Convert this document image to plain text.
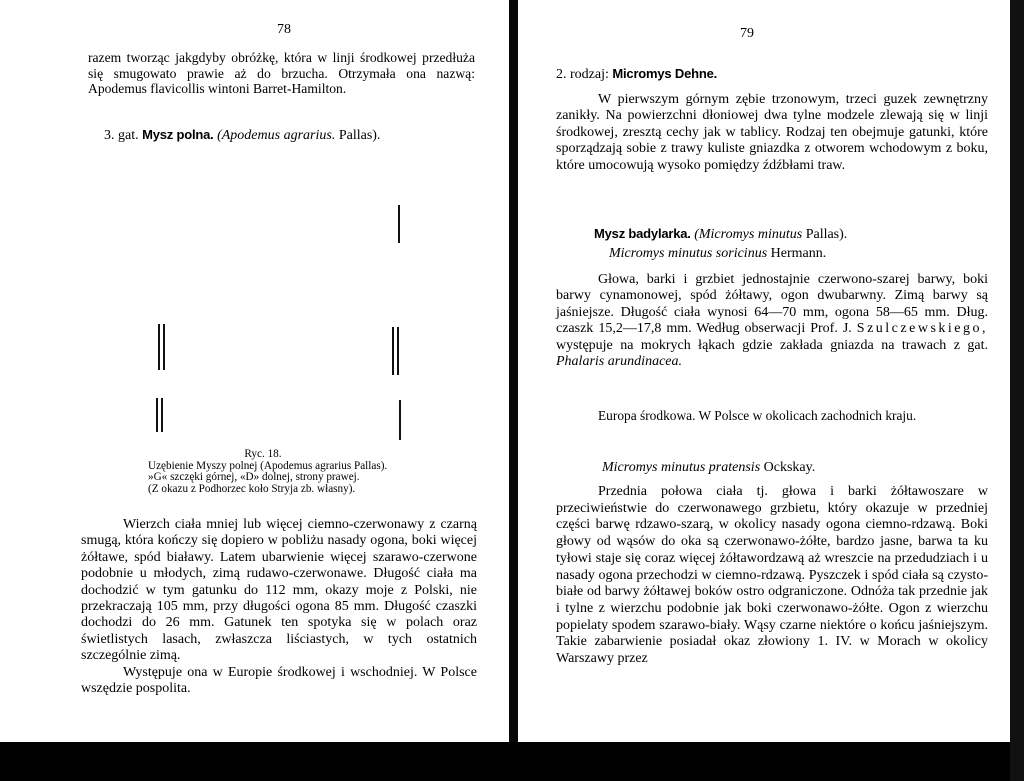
78

razem tworząc jakgdyby obróżkę, która w linji środkowej przedłuża się smugowato prawie aż do brzucha. Otrzymała ona nazwą: Apodemus flavicollis wintoni Barret-Hamilton.

3. gat. Mysz polna. (Apodemus agrarius. Pallas).
Ryc. 18.
Uzębienie Myszy polnej (Apodemus agrarius Pallas).
»G« szczęki górnej, «D» dolnej, strony prawej.
(Z okazu z Podhorzec koło Stryja zb. własny).
Wierzch ciała mniej lub więcej ciemno-czerwonawy z czarną smugą, która kończy się dopiero w pobliżu nasady ogona, boki więcej żółtawe, spód białawy. Latem ubarwienie więcej szarawo-czerwone podobnie u młodych, zimą rudawo-czerwonawe. Długość ciała ma dochodzić w tym gatunku do 112 mm, okazy moje z Polski, nie przekraczają 105 mm, przy długości ogona 85 mm. Długość czaszki dochodzi do 26 mm. Gatunek ten spotyka się w polach oraz świetlistych lasach, zwłaszcza liściastych, w tych ostatnich szczególnie zimą.
Występuje ona w Europie środkowej i wschodniej. W Polsce wszędzie pospolita.
79
2. rodzaj: Micromys Dehne.

W pierwszym górnym zębie trzonowym, trzeci guzek zewnętrzny zanikły. Na powierzchni dłoniowej dwa tylne modzele zlewają się w linji środkowej, zresztą cechy jak w tablicy. Rodzaj ten obejmuje gatunki, które sporządzają sobie z trawy kuliste gniazdka z otworem wchodowym z boku, które umocowują wysoko pomiędzy źdźbłami traw.

Mysz badylarka. (Micromys minutus Pallas).
Micromys minutus soricinus Hermann.

Głowa, barki i grzbiet jednostajnie czerwono-szarej barwy, boki barwy cynamonowej, spód żółtawy, ogon dwubarwny. Zimą barwy są jaśniejsze. Długość ciała wynosi 64—70 mm, ogona 58—65 mm. Dług. czaszk 15,2—17,8 mm. Według obserwacji Prof. J. Szulczewskiego, występuje na mokrych łąkach gdzie zakłada gniazda na trawach z gat. Phalaris arundinacea.

Europa środkowa. W Polsce w okolicach zachodnich kraju.

Micromys minutus pratensis Ockskay.

Przednia połowa ciała tj. głowa i barki żółtawoszare w przeciwieństwie do czerwonawego grzbietu, który okazuje w przedniej części barwę rdzawo-szarą, w okolicy nasady ogona ciemno-rdzawą. Boki głowy od wąsów do oka są czerwonawo-żółte, bardzo jasne, barwa ta ku tyłowi staje się coraz więcej żółtawordzawą aż wreszcie na przedudziach i u nasady ogona przechodzi w ciemno-rdzawą. Pyszczek i spód ciała są czysto-białe od barwy żółtawej boków ostro odgraniczone. Odnóża tak przednie jak i tylne z wierzchu podobnie jak boki czerwonawo-żółte. Ogon z wierzchu popielaty spodem szarawo-biały. Wąsy czarne niektóre o końcu jaśniejszym. Takie zabarwienie posiadał okaz złowiony 1. IV. w Morach w okolicy Warszawy przez
